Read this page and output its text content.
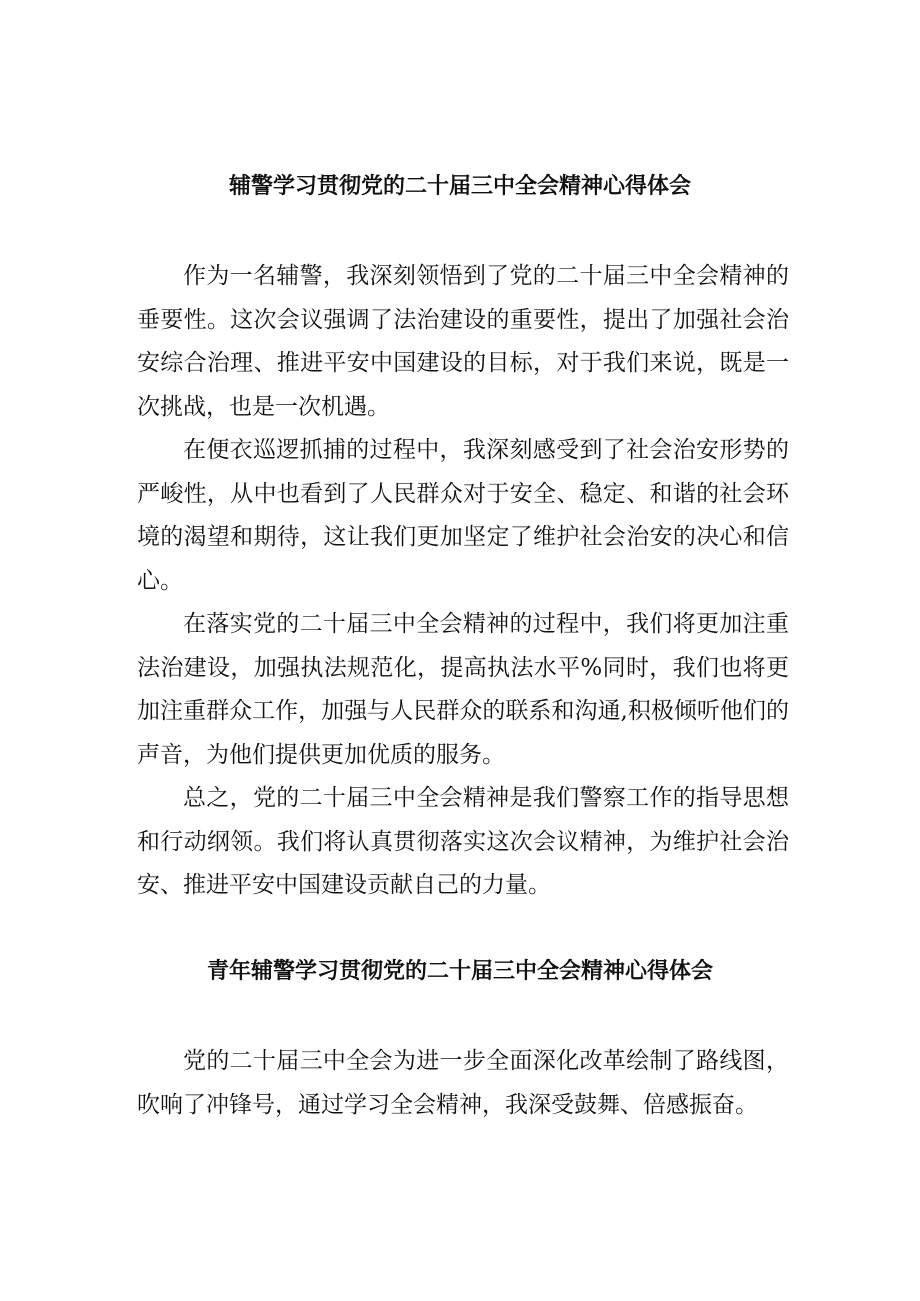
辅警学习贯彻党的二十届三中全会精神心得体会

作为一名辅警，我深刻领悟到了党的二十届三中全会精神的垂要性。这次会议强调了法治建设的重要性，提出了加强社会治安综合治理、推进平安中国建设的目标，对于我们来说，既是一次挑战，也是一次机遇。

在便衣巡逻抓捕的过程中，我深刻感受到了社会治安形势的严峻性，从中也看到了人民群众对于安全、稳定、和谐的社会环境的渴望和期待，这让我们更加坚定了维护社会治安的决心和信心。

在落实党的二十届三中全会精神的过程中，我们将更加注重法治建设，加强执法规范化，提高执法水平%同时，我们也将更加注重群众工作，加强与人民群众的联系和沟通,积极倾听他们的声音，为他们提供更加优质的服务。

总之，党的二十届三中全会精神是我们警察工作的指导思想和行动纲领。我们将认真贯彻落实这次会议精神，为维护社会治安、推进平安中国建设贡献自己的力量。

青年辅警学习贯彻党的二十届三中全会精神心得体会

党的二十届三中全会为进一步全面深化改革绘制了路线图，吹响了冲锋号，通过学习全会精神，我深受鼓舞、倍感振奋。
